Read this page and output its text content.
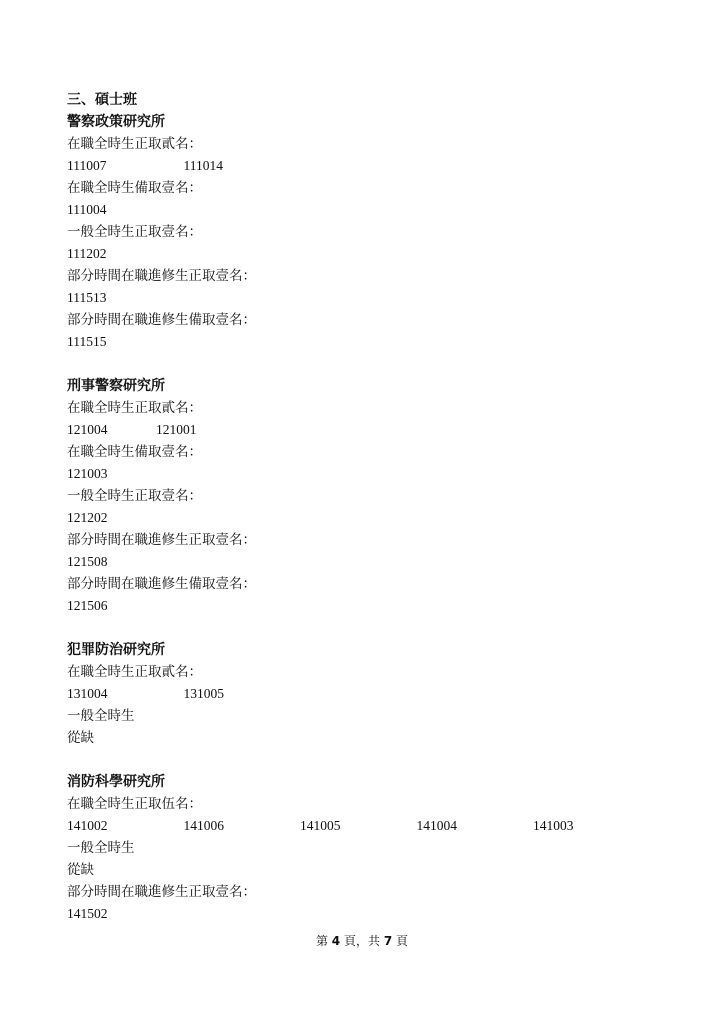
三、碩士班
警察政策研究所
在職全時生正取貳名：
111007	111014
在職全時生備取壹名：
111004
一般全時生正取壹名：
111202
部分時間在職進修生正取壹名：
111513
部分時間在職進修生備取壹名：
111515
刑事警察研究所
在職全時生正取貳名：
121004	121001
在職全時生備取壹名：
121003
一般全時生正取壹名：
121202
部分時間在職進修生正取壹名：
121508
部分時間在職進修生備取壹名：
121506
犯罪防治研究所
在職全時生正取貳名：
131004	131005
一般全時生
從缺
消防科學研究所
在職全時生正取伍名：
141002	141006	141005	141004	141003
一般全時生
從缺
部分時間在職進修生正取壹名：
141502
第 4 頁，共 7 頁
